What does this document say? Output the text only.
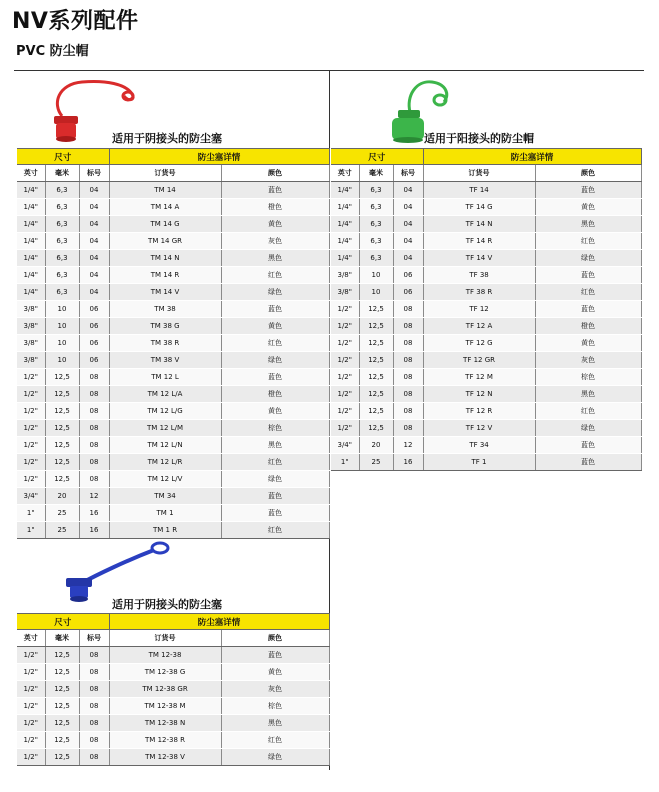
NV系列配件
PVC 防尘帽
适用于阴接头的防尘塞
尺寸			防尘塞详情	
英寸	毫米	标号	订货号	颜色
1/4"	6,3	04	TM 14	蓝色
1/4"	6,3	04	TM 14 A	橙色
1/4"	6,3	04	TM 14 G	黄色
1/4"	6,3	04	TM 14 GR	灰色
1/4"	6,3	04	TM 14 N	黑色
1/4"	6,3	04	TM 14 R	红色
1/4"	6,3	04	TM 14 V	绿色
3/8"	10	06	TM 38	蓝色
3/8"	10	06	TM 38 G	黄色
3/8"	10	06	TM 38 R	红色
3/8"	10	06	TM 38 V	绿色
1/2"	12,5	08	TM 12 L	蓝色
1/2"	12,5	08	TM 12 L/A	橙色
1/2"	12,5	08	TM 12 L/G	黄色
1/2"	12,5	08	TM 12 L/M	棕色
1/2"	12,5	08	TM 12 L/N	黑色
1/2"	12,5	08	TM 12 L/R	红色
1/2"	12,5	08	TM 12 L/V	绿色
3/4"	20	12	TM 34	蓝色
1"	25	16	TM 1	蓝色
1"	25	16	TM 1 R	红色
适用于阳接头的防尘帽
尺寸			防尘塞详情	
英寸	毫米	标号	订货号	颜色
1/4"	6,3	04	TF 14	蓝色
1/4"	6,3	04	TF 14 G	黄色
1/4"	6,3	04	TF 14 N	黑色
1/4"	6,3	04	TF 14 R	红色
1/4"	6,3	04	TF 14 V	绿色
3/8"	10	06	TF 38	蓝色
3/8"	10	06	TF 38 R	红色
1/2"	12,5	08	TF 12	蓝色
1/2"	12,5	08	TF 12 A	橙色
1/2"	12,5	08	TF 12 G	黄色
1/2"	12,5	08	TF 12 GR	灰色
1/2"	12,5	08	TF 12 M	棕色
1/2"	12,5	08	TF 12 N	黑色
1/2"	12,5	08	TF 12 R	红色
1/2"	12,5	08	TF 12 V	绿色
3/4"	20	12	TF 34	蓝色
1"	25	16	TF 1	蓝色
适用于阴接头的防尘塞
尺寸			防尘塞详情	
英寸	毫米	标号	订货号	颜色
1/2"	12,5	08	TM 12-38	蓝色
1/2"	12,5	08	TM 12-38 G	黄色
1/2"	12,5	08	TM 12-38 GR	灰色
1/2"	12,5	08	TM 12-38 M	棕色
1/2"	12,5	08	TM 12-38 N	黑色
1/2"	12,5	08	TM 12-38 R	红色
1/2"	12,5	08	TM 12-38 V	绿色
